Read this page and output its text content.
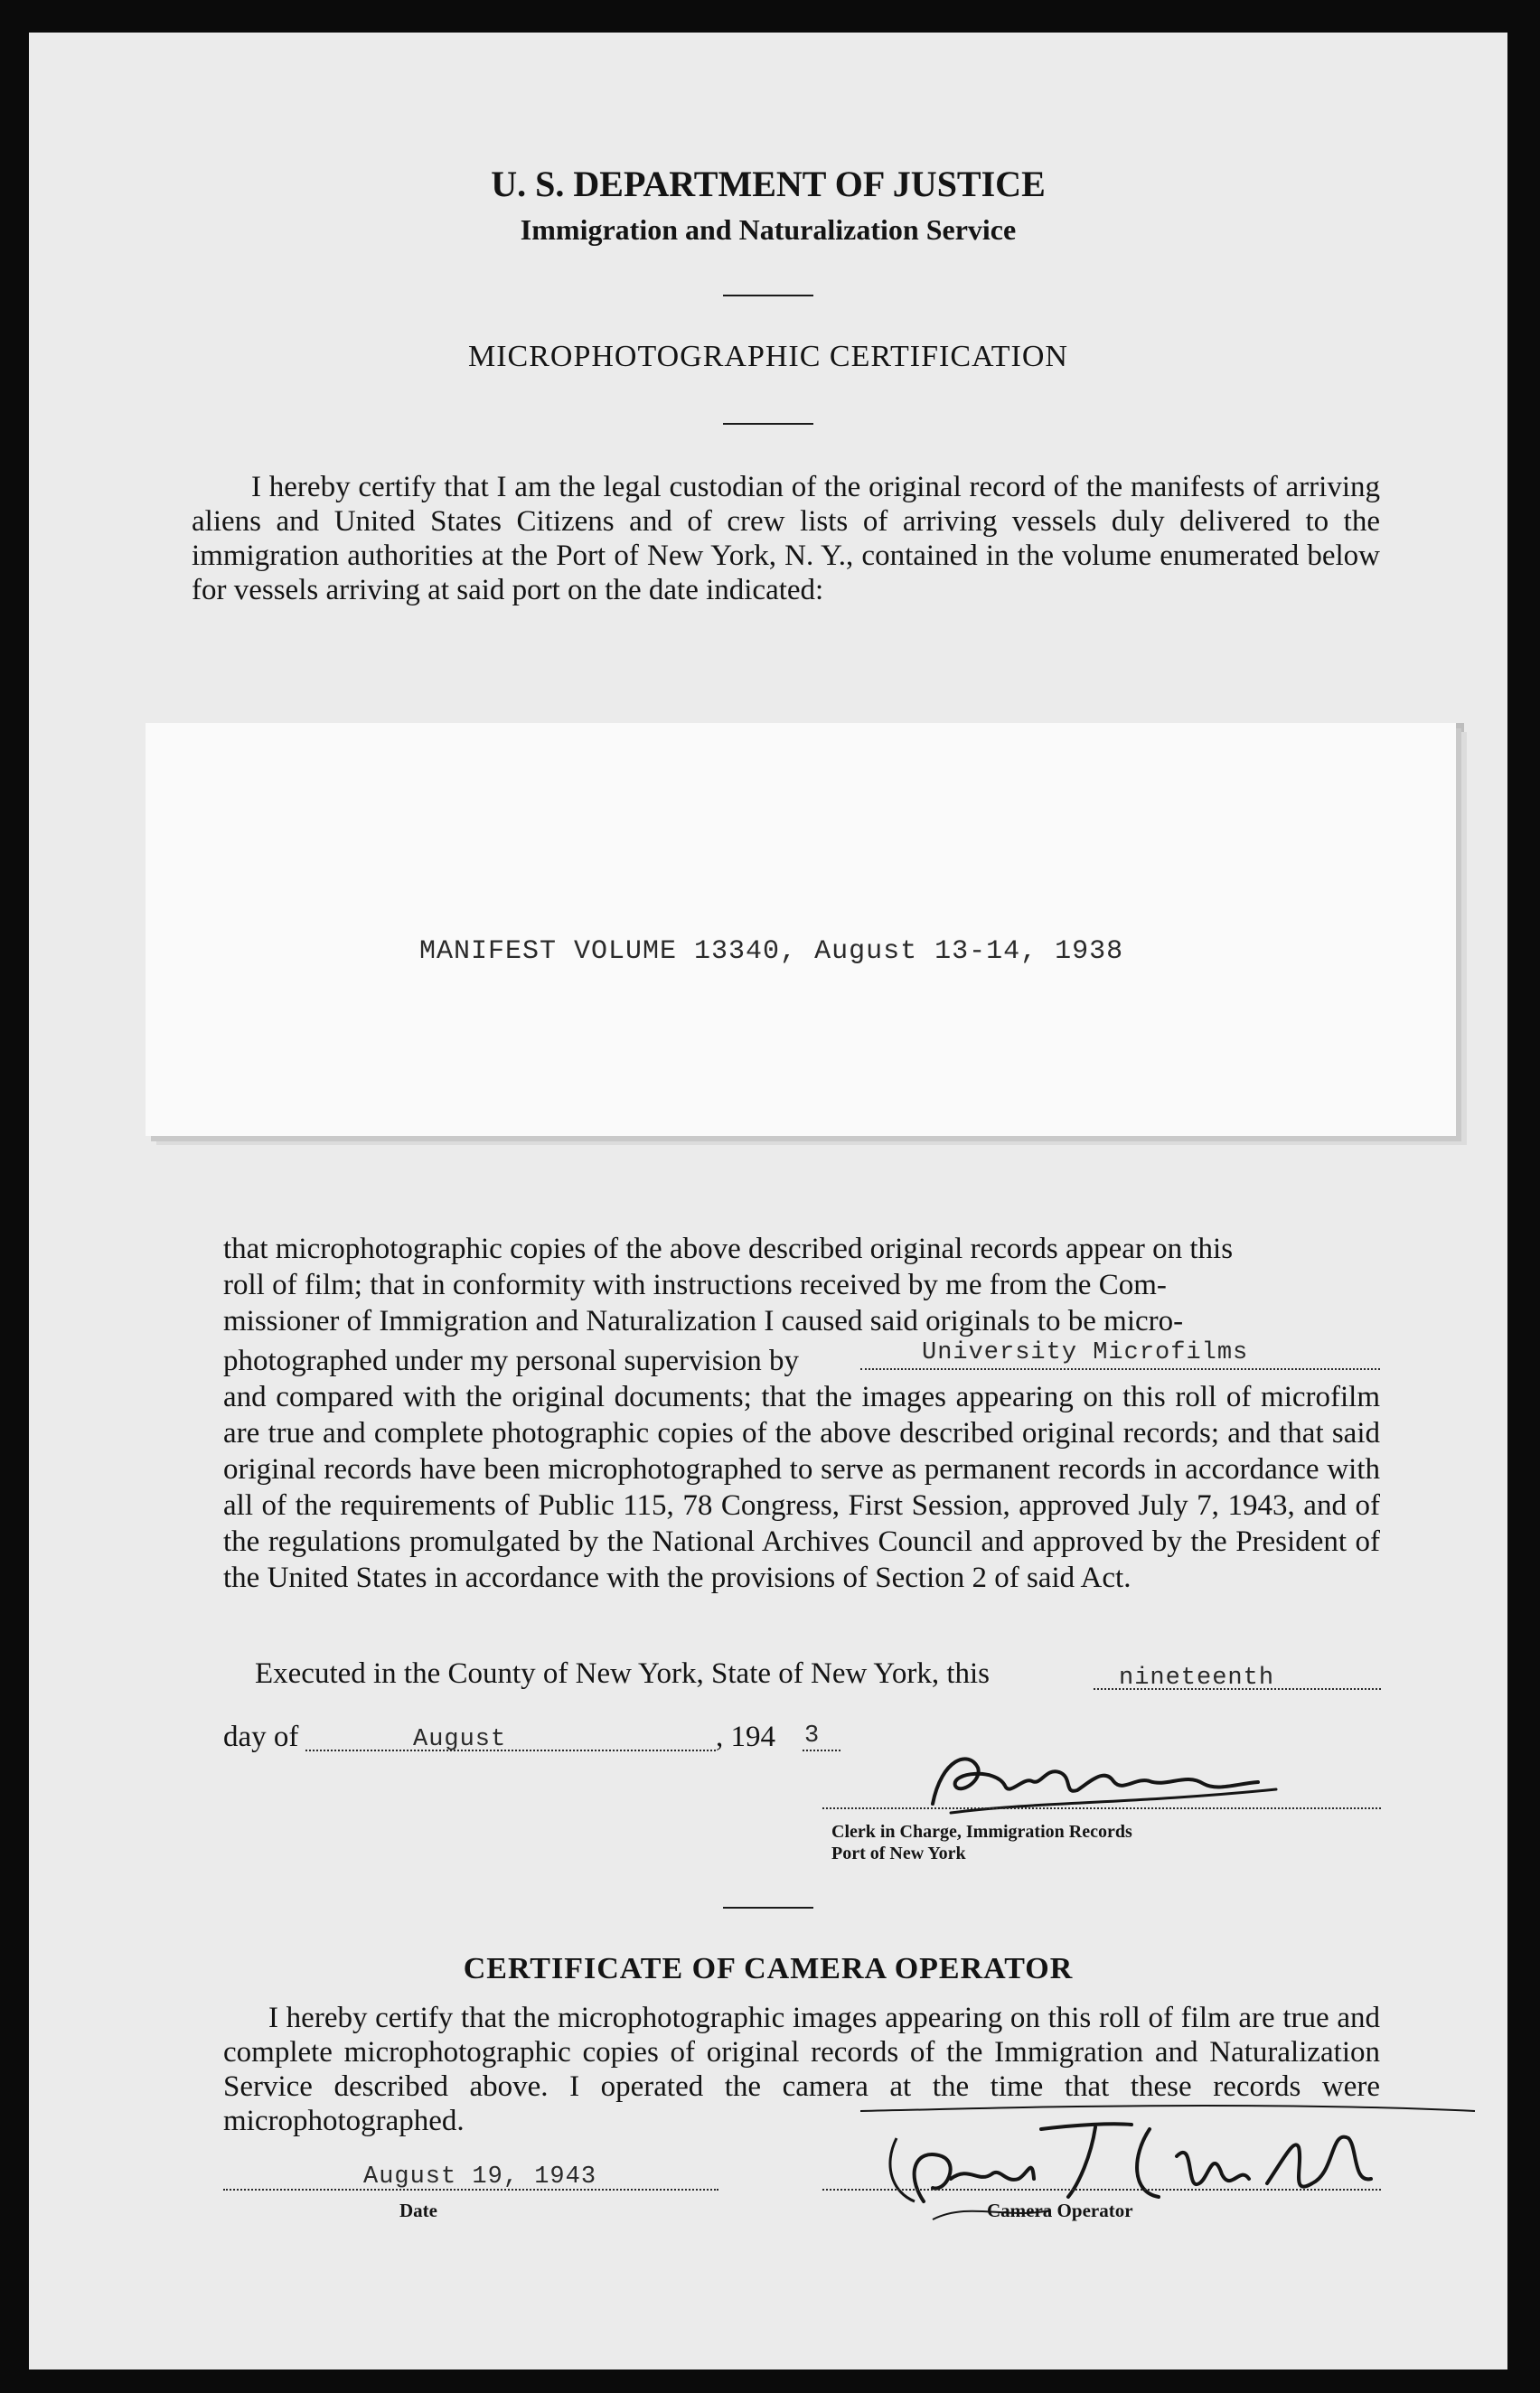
U. S. DEPARTMENT OF JUSTICE
Immigration and Naturalization Service
MICROPHOTOGRAPHIC CERTIFICATION
I hereby certify that I am the legal custodian of the original record of the manifests of arriving aliens and United States Citizens and of crew lists of arriving vessels duly delivered to the immigration authorities at the Port of New York, N. Y., contained in the volume enumerated below for vessels arriving at said port on the date indicated:
MANIFEST VOLUME 13340, August 13-14, 1938
that microphotographic copies of the above described original records appear on this
roll of film; that in conformity with instructions received by me from the Com-
missioner of Immigration and Naturalization I caused said originals to be micro-
photographed under my personal supervision by	University Microfilms
and compared with the original documents; that the images appearing on this roll of microfilm are true and complete photographic copies of the above described original records; and that said original records have been microphotographed to serve as permanent records in accordance with all of the requirements of Public 115, 78 Congress, First Session, approved July 7, 1943, and of the regulations promulgated by the National Archives Council and approved by the President of the United States in accordance with the provisions of Section 2 of said Act.
Executed in the County of New York, State of New York, this	nineteenth
day of	August	, 194 3
Clerk in Charge, Immigration Records
Port of New York
CERTIFICATE OF CAMERA OPERATOR
I hereby certify that the microphotographic images appearing on this roll of film are true and complete microphotographic copies of original records of the Immigration and Naturalization Service described above. I operated the camera at the time that these records were microphotographed.
August 19, 1943
Date	Camera Operator
